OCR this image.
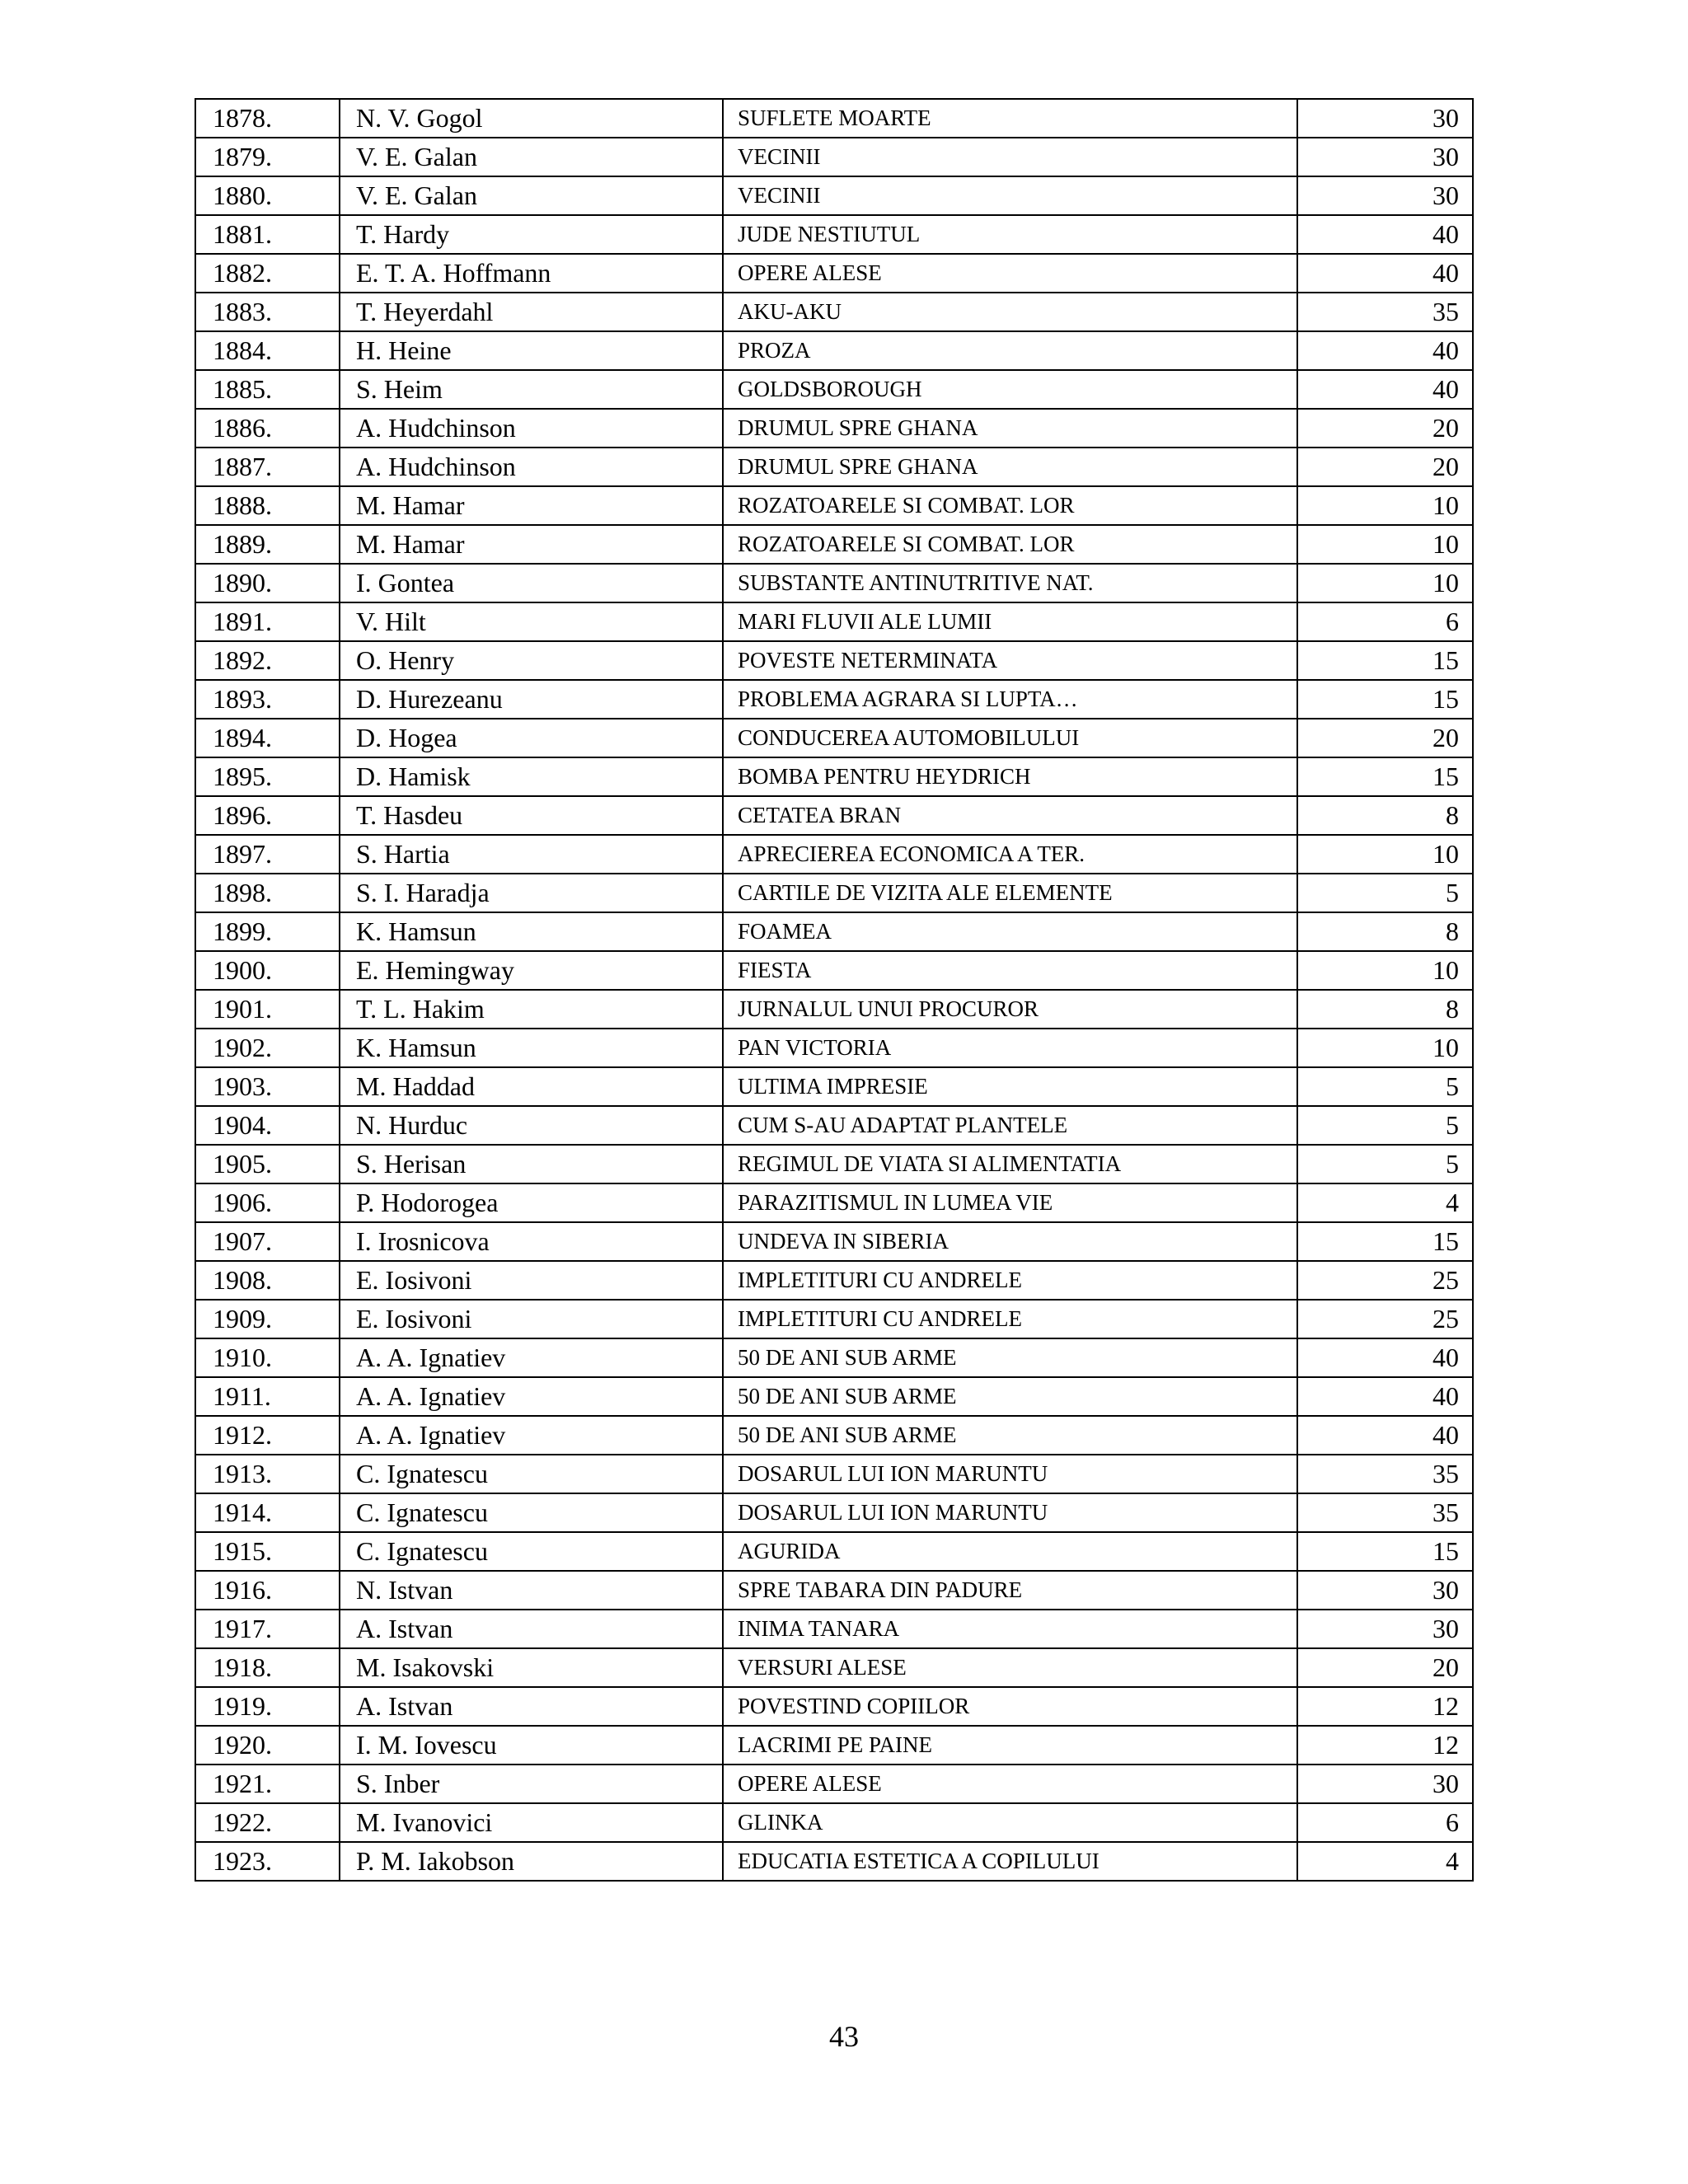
1878.	N. V. Gogol	SUFLETE MOARTE	30
1879.	V. E. Galan	VECINII	30
1880.	V. E. Galan	VECINII	30
1881.	T. Hardy	JUDE NESTIUTUL	40
1882.	E. T. A. Hoffmann	OPERE ALESE	40
1883.	T. Heyerdahl	AKU-AKU	35
1884.	H. Heine	PROZA	40
1885.	S. Heim	GOLDSBOROUGH	40
1886.	A. Hudchinson	DRUMUL SPRE GHANA	20
1887.	A. Hudchinson	DRUMUL SPRE GHANA	20
1888.	M. Hamar	ROZATOARELE SI COMBAT. LOR	10
1889.	M. Hamar	ROZATOARELE SI COMBAT. LOR	10
1890.	I. Gontea	SUBSTANTE ANTINUTRITIVE NAT.	10
1891.	V. Hilt	MARI FLUVII ALE LUMII	6
1892.	O. Henry	POVESTE NETERMINATA	15
1893.	D. Hurezeanu	PROBLEMA AGRARA SI LUPTA…	15
1894.	D. Hogea	CONDUCEREA AUTOMOBILULUI	20
1895.	D. Hamisk	BOMBA PENTRU HEYDRICH	15
1896.	T. Hasdeu	CETATEA BRAN	8
1897.	S. Hartia	APRECIEREA ECONOMICA A TER.	10
1898.	S. I. Haradja	CARTILE DE VIZITA ALE ELEMENTE	5
1899.	K. Hamsun	FOAMEA	8
1900.	E. Hemingway	FIESTA	10
1901.	T. L. Hakim	JURNALUL UNUI PROCUROR	8
1902.	K. Hamsun	PAN VICTORIA	10
1903.	M. Haddad	ULTIMA IMPRESIE	5
1904.	N. Hurduc	CUM S-AU ADAPTAT PLANTELE	5
1905.	S. Herisan	REGIMUL DE VIATA SI ALIMENTATIA	5
1906.	P. Hodorogea	PARAZITISMUL IN LUMEA VIE	4
1907.	I. Irosnicova	UNDEVA IN SIBERIA	15
1908.	E. Iosivoni	IMPLETITURI CU ANDRELE	25
1909.	E. Iosivoni	IMPLETITURI CU ANDRELE	25
1910.	A. A. Ignatiev	50 DE ANI SUB ARME	40
1911.	A. A. Ignatiev	50 DE ANI SUB ARME	40
1912.	A. A. Ignatiev	50 DE ANI SUB ARME	40
1913.	C. Ignatescu	DOSARUL LUI ION MARUNTU	35
1914.	C. Ignatescu	DOSARUL LUI ION MARUNTU	35
1915.	C. Ignatescu	AGURIDA	15
1916.	N. Istvan	SPRE TABARA DIN PADURE	30
1917.	A. Istvan	INIMA TANARA	30
1918.	M. Isakovski	VERSURI ALESE	20
1919.	A. Istvan	POVESTIND COPIILOR	12
1920.	I. M. Iovescu	LACRIMI PE PAINE	12
1921.	S. Inber	OPERE ALESE	30
1922.	M. Ivanovici	GLINKA	6
1923.	P. M. Iakobson	EDUCATIA ESTETICA A COPILULUI	4
43
